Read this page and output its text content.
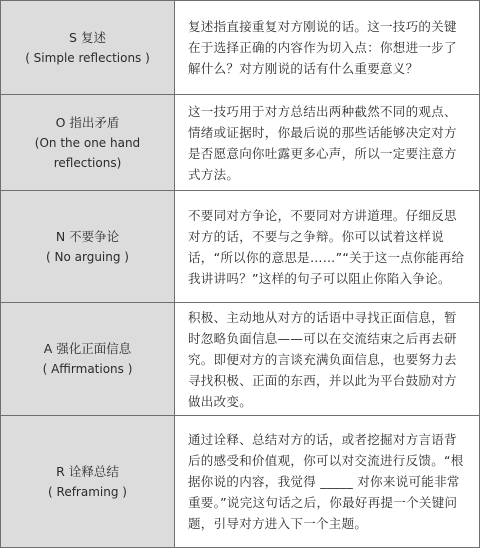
S 复述
( Simple reflections )
复述指直接重复对方刚说的话。这一技巧的关键在于选择正确的内容作为切入点：你想进一步了解什么？对方刚说的话有什么重要意义？
O 指出矛盾
(On the one hand reflections)
这一技巧用于对方总结出两种截然不同的观点、情绪或证据时，你最后说的那些话能够决定对方是否愿意向你吐露更多心声，所以一定要注意方式方法。
N 不要争论
( No arguing )
不要同对方争论，不要同对方讲道理。仔细反思对方的话，不要与之争辩。你可以试着这样说话，“所以你的意思是……”“关于这一点你能再给我讲讲吗？”这样的句子可以阻止你陷入争论。
A 强化正面信息
( Affirmations )
积极、主动地从对方的话语中寻找正面信息，暂时忽略负面信息——可以在交流结束之后再去研究。即便对方的言谈充满负面信息，也要努力去寻找积极、正面的东西，并以此为平台鼓励对方做出改变。
R 诠释总结
( Reframing )
通过诠释、总结对方的话，或者挖掘对方言语背后的感受和价值观，你可以对交流进行反馈。“根据你说的内容，我觉得 _____ 对你来说可能非常重要。”说完这句话之后，你最好再提一个关键问题，引导对方进入下一个主题。
